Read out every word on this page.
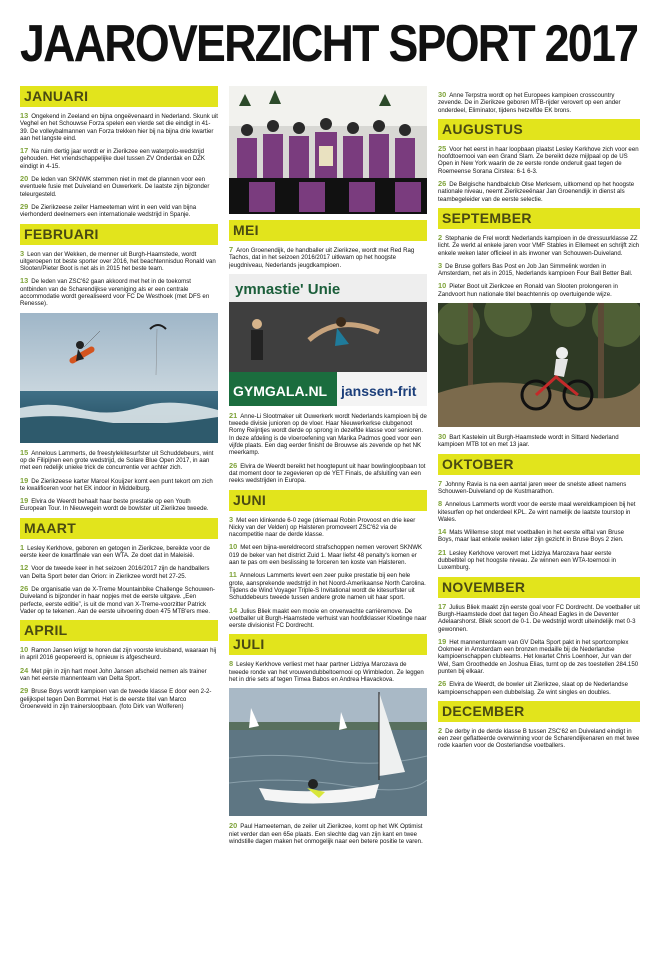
JAAROVERZICHT SPORT 2017
JANUARI
13 Ongekend in Zeeland en bijna ongeëvenaard in Nederland. Skunk uit Veghel en het Schouwse Forza spelen een vierde set die eindigt in 41-39. De volleybalmannen van Forza trekken hier bij na bijna drie kwartier aan het langste eind.
17 Na ruim dertig jaar wordt er in Zierikzee een waterpolo-wedstrijd gehouden. Het vriendschappelijke duel tussen ZV Onderdak en DZK eindigt in 4-15.
20 De leden van SKNWK stemmen niet in met de plannen voor een eventuele fusie met Duiveland en Ouwerkerk. De laatste zijn bijzonder teleurgesteld.
29 De Zierikzeese zeiler Hameeteman wint in een veld van bijna vierhonderd deelnemers een internationale wedstrijd in Spanje.
FEBRUARI
3 Leon van der Wekken, de menner uit Burgh-Haamstede, wordt uitgeroepen tot beste sporter over 2016, het beachtennisduo Ronald van Slooten/Pieter Boot is net als in 2015 het beste team.
13 De leden van ZSC'62 gaan akkoord met het in de toekomst ontbinden van de Scharendijkse vereniging als er een centrale accommodatie wordt gerealiseerd voor FC De Westhoek (met DFS en Renesse).
15 Annelous Lammerts, de freestylekitesurfster uit Schuddebeurs, wint op de Filipijnen een grote wedstrijd, de Solare Blue Open 2017, in aan met een redelijk unieke trick de concurrentie ver achter zich.
19 De Zierikzeese karter Marcel Kouijzer komt een punt tekort om zich te kwalificeren voor het EK indoor in Middelburg.
19 Elvira de Weerdt behaalt haar beste prestatie op een Youth European Tour. In Nieuwegein wordt de bowlster uit Zierikzee tweede.
MAART
1 Lesley Kerkhove, geboren en getogen in Zierikzee, bereikte voor de eerste keer de kwartfinale van een WTA. Ze doet dat in Maleisië.
12 Voor de tweede keer in het seizoen 2016/2017 zijn de handballers van Delta Sport beter dan Orion: in Zierikzee wordt het 27-25.
26 De organisatie van de X-Treme Mountainbike Challenge Schouwen-Duiveland is bijzonder in haar nopjes met de eerste uitgave. „Een perfecte, eerste editie”, is uit de mond van X-Treme-voorzitter Patrick Vader op te tekenen. Aan de eerste uitvoering doen 475 MTB'ers mee.
APRIL
10 Ramon Jansen krijgt te horen dat zijn voorste kruisband, waaraan hij in april 2016 geopereerd is, opnieuw is afgescheurd.
24 Met pijn in zijn hart moet John Jansen afscheid nemen als trainer van het eerste mannenteam van Delta Sport.
29 Bruse Boys wordt kampioen van de tweede klasse E door een 2-2-gelijkspel tegen Den Bommel. Het is de eerste titel van Marco Groeneveld in zijn trainersloopbaan. (foto Dirk van Wolferen)
MEI
7 Aron Groenendijk, de handballer uit Zierikzee, wordt met Red Rag Tachos, dat in het seizoen 2016/2017 uitkwam op het hoogste jeugdniveau, Nederlands jeugdkampioen.
ymnastie' Unie
GYMGALA.NL janssen-frit
21 Anne-Li Slootmaker uit Ouwerkerk wordt Nederlands kampioen bij de tweede divisie junioren op de vloer. Haar Nieuwerkerkse clubgenoot Romy Reijntjes wordt derde op sprong in dezelfde klasse voor senioren. In deze afdeling is de vloeroefening van Marika Padmos goed voor een vijfde plaats. Een dag eerder finisht de Brouwse als zevende op het NK meerkamp.
26 Elvira de Weerdt bereikt het hoogtepunt uit haar bowlingloopbaan tot dat moment door te zegevieren op de YET Finals, de afsluiting van een reeks wedstrijden in Europa.
JUNI
3 Met een klinkende 6-0 zege (driemaal Robin Provoost en drie keer Nicky van der Velden) op Halsteren promoveert ZSC'62 via de nacompetitie naar de derde klasse.
10 Met een bijna-wereldrecord strafschoppen nemen verovert SKNWK 019 de beker van het district Zuid 1. Maar liefst 48 penalty's komen er aan te pas om een beslissing te forceren ten koste van Halsteren.
11 Annelous Lammerts levert een zeer puike prestatie bij een hele grote, aansprekende wedstrijd in het Noord-Amerikaanse North Carolina. Tijdens de Wind Voyager Triple-S Invitational wordt de kitesurfster uit Schuddebeurs tweede tussen andere grote namen uit haar sport.
14 Julius Bliek maakt een mooie en onverwachte carrièremove. De voetballer uit Burgh-Haamstede verhuist van hoofdklasser Kloetinge naar eerste divisionist FC Dordrecht.
JULI
8 Lesley Kerkhove verliest met haar partner Lidziya Marozava de tweede ronde van het vrouwendubbeltoernooi op Wimbledon. Ze leggen het in drie sets af tegen Timea Babos en Andrea Hlavackova.
20 Paul Hameeteman, de zeiler uit Zierikzee, komt op het WK Optimist niet verder dan een 65e plaats. Een slechte dag van zijn kant en twee windstille dagen maken het onmogelijk naar een betere positie te varen.
30 Anne Terpstra wordt op het Europees kampioen crosscountry zevende. De in Zierikzee geboren MTB-rijder verovert op een ander onderdeel, Eliminator, tijdens hetzelfde EK brons.
AUGUSTUS
25 Voor het eerst in haar loopbaan plaatst Lesley Kerkhove zich voor een hoofdtoernooi van een Grand Slam. Ze bereikt deze mijlpaal op de US Open in New York waarin de ze eerste ronde onderuit gaat tegen de Roemeense Sorana Cirstea: 6-1 6-3.
26 De Belgische handbalclub Olse Merksem, uitkomend op het hoogste nationale niveau, neemt Zierikzeeënaar Jan Groenendijk in dienst als teambegeleider van de eerste selectie.
SEPTEMBER
2 Stephanie de Frel wordt Nederlands kampioen in de dressuurklasse ZZ licht. Ze werkt al enkele jaren voor VMF Stables in Ellemeet en schrijft zich enkele weken later officieel in als inwoner van Schouwen-Duiveland.
3 De Bruse golfers Bas Post en Job Jan Simmelink worden in Amsterdam, net als in 2015, Nederlands kampioen Four Ball Better Ball.
10 Pieter Boot uit Zierikzee en Ronald van Slooten prolongeren in Zandvoort hun nationale titel beachtennis op overtuigende wijze.
30 Bart Kastelein uit Burgh-Haamstede wordt in Sittard Nederland kampioen MTB tot en met 13 jaar.
OKTOBER
7 Johnny Ravia is na een aantal jaren weer de snelste atleet namens Schouwen-Duiveland op de Kustmarathon.
8 Annelous Lammerts wordt voor de eerste maal wereldkampioen bij het kitesurfen op het onderdeel KPL. Ze wint namelijk de laatste tourstop in Wales.
14 Mats Willemse stopt met voetballen in het eerste elftal van Bruse Boys, maar laat enkele weken later zijn gezicht in Bruse Boys 2 zien.
21 Lesley Kerkhove verovert met Lidziya Marozava haar eerste dubbeltitel op het hoogste niveau. Ze winnen een WTA-toernooi in Luxemburg.
NOVEMBER
17 Julius Bliek maakt zijn eerste goal voor FC Dordrecht. De voetballer uit Burgh-Haamstede doet dat tegen Go Ahead Eagles in de Deventer Adelaarshorst. Bliek scoort de 0-1. De wedstrijd wordt uiteindelijk met 0-3 gewonnen.
19 Het mannenturnteam van GV Delta Sport pakt in het sportcomplex Ookmeer in Amsterdam een bronzen medaille bij de Nederlandse kampioenschappen clubteams. Het kwartet Chris Loenhoer, Jur van der Wel, Sam Groothedde en Joshua Elias, turnt op de zes toestellen 284.150 punten bij elkaar.
26 Elvira de Weerdt, de bowler uit Zierikzee, slaat op de Nederlandse kampioenschappen een dubbelslag. Ze wint singles en doubles.
DECEMBER
2 De derby in de derde klasse B tussen ZSC'62 en Duiveland eindigt in een zeer geflatteerde overwinning voor de Scharendijkenaren en met twee rode kaarten voor de Oosterlandse voetballers.
